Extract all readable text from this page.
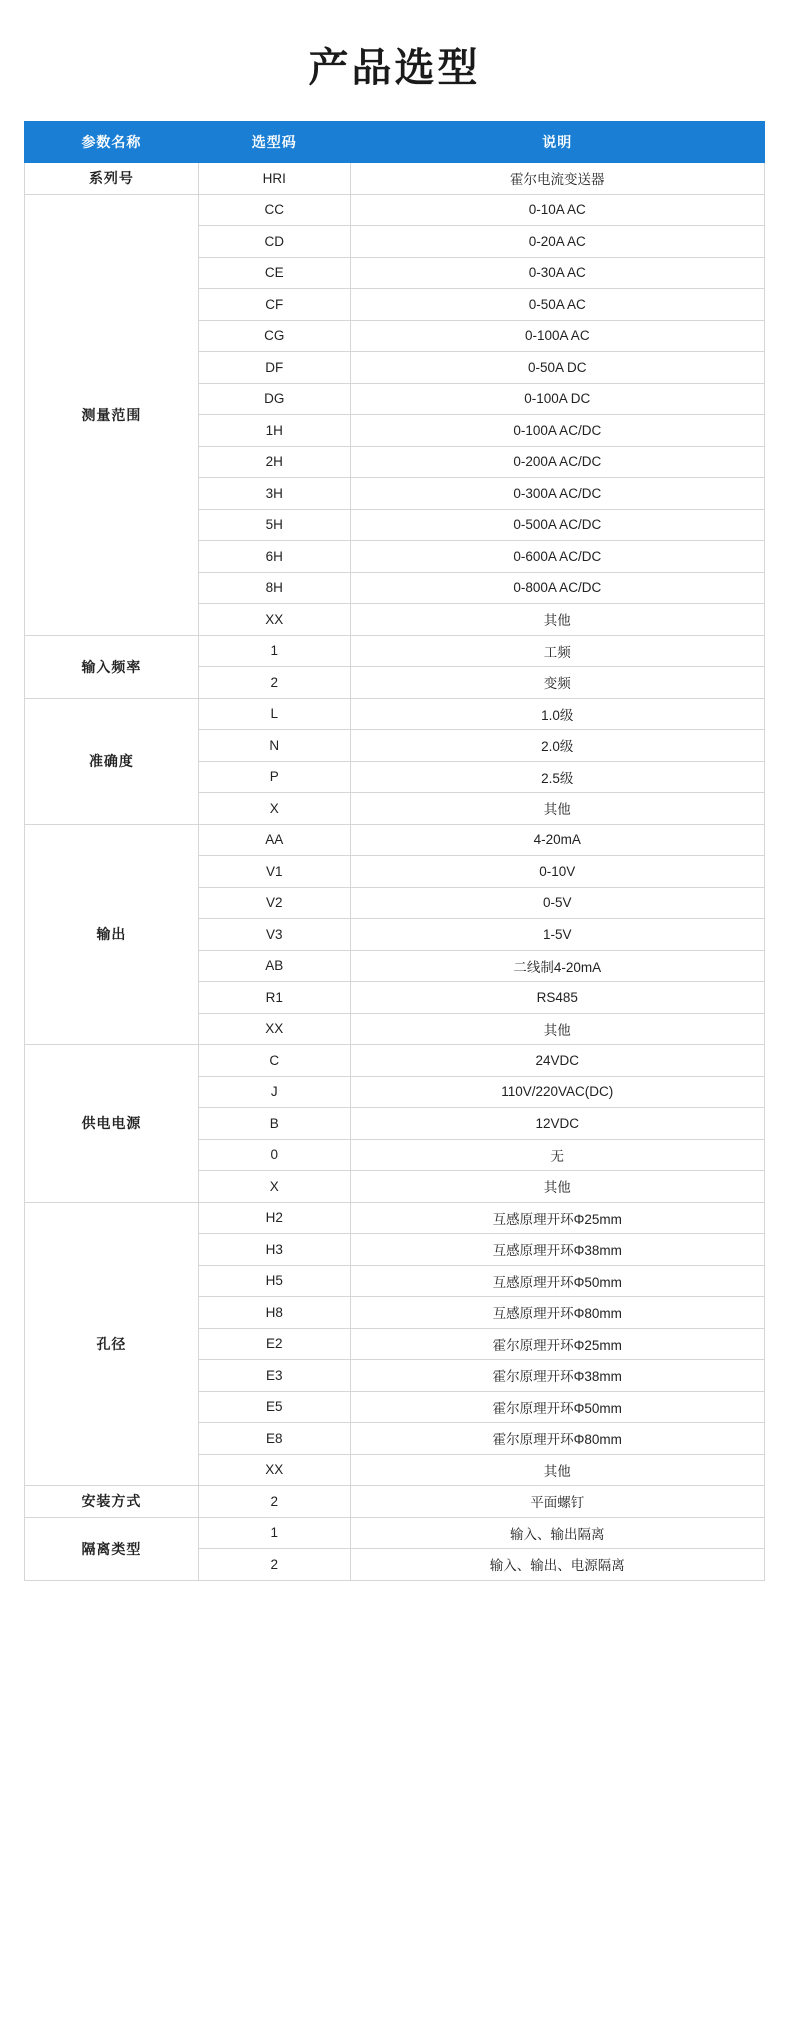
产品选型
参数名称	选型码	说明
系列号	HRI	霍尔电流变送器
测量范围	CC	0-10A AC
	CD	0-20A AC
	CE	0-30A AC
	CF	0-50A AC
	CG	0-100A AC
	DF	0-50A DC
	DG	0-100A DC
	1H	0-100A AC/DC
	2H	0-200A AC/DC
	3H	0-300A AC/DC
	5H	0-500A AC/DC
	6H	0-600A AC/DC
	8H	0-800A AC/DC
	XX	其他
输入频率	1	工频
	2	变频
准确度	L	1.0级
	N	2.0级
	P	2.5级
	X	其他
输出	AA	4-20mA
	V1	0-10V
	V2	0-5V
	V3	1-5V
	AB	二线制4-20mA
	R1	RS485
	XX	其他
供电电源	C	24VDC
	J	110V/220VAC(DC)
	B	12VDC
	0	无
	X	其他
孔径	H2	互感原理开环Φ25mm
	H3	互感原理开环Φ38mm
	H5	互感原理开环Φ50mm
	H8	互感原理开环Φ80mm
	E2	霍尔原理开环Φ25mm
	E3	霍尔原理开环Φ38mm
	E5	霍尔原理开环Φ50mm
	E8	霍尔原理开环Φ80mm
	XX	其他
安装方式	2	平面螺钉
隔离类型	1	输入、输出隔离
	2	输入、输出、电源隔离
